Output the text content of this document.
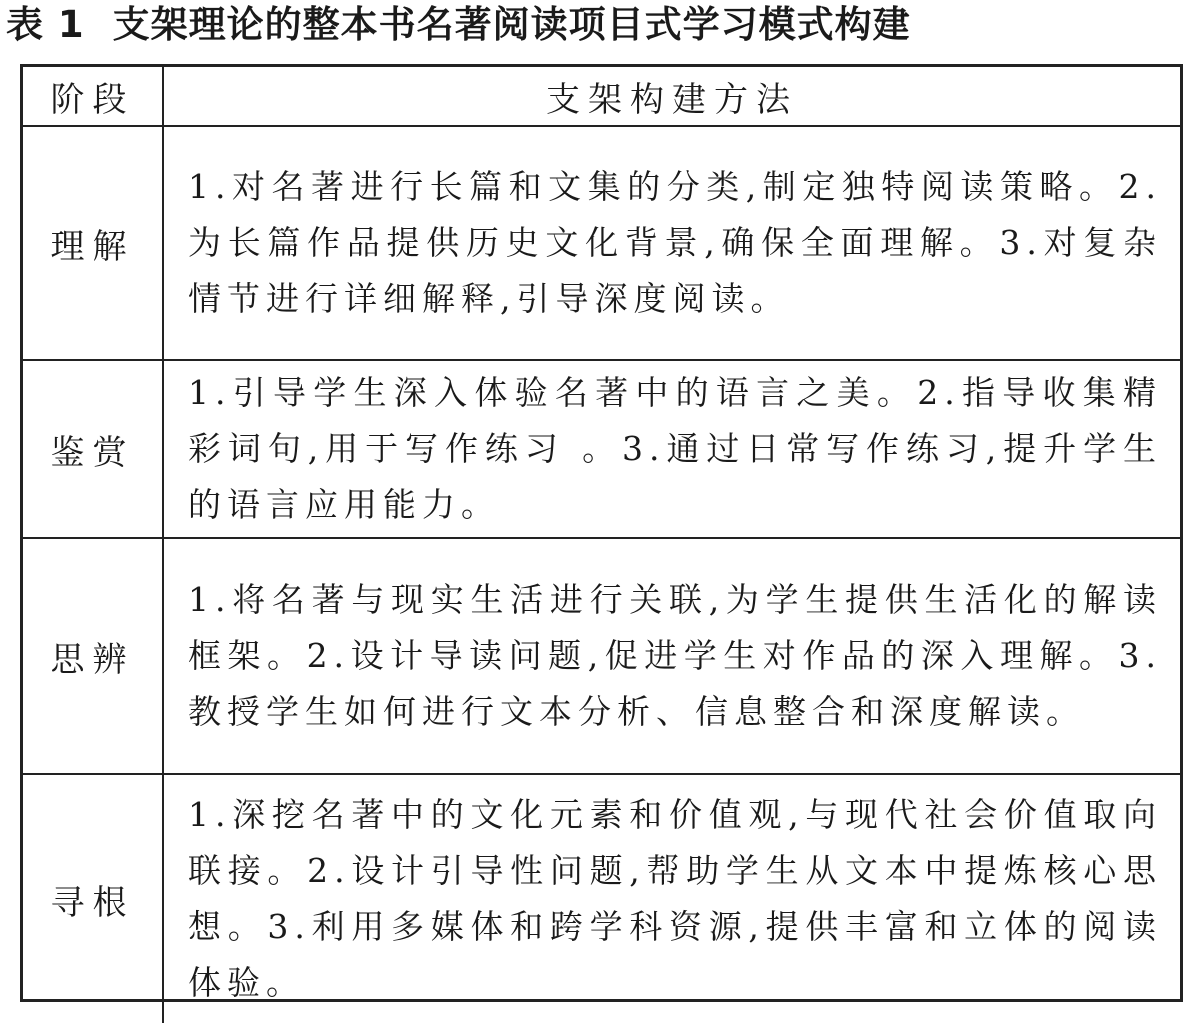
表 1 支架理论的整本书名著阅读项目式学习模式构建
阶段	支架构建方法
理解	1.对名著进行长篇和文集的分类,制定独特阅读策略。2.为长篇作品提供历史文化背景,确保全面理解。3.对复杂情节进行详细解释,引导深度阅读。
鉴赏	1.引导学生深入体验名著中的语言之美。2.指导收集精彩词句,用于写作练习 。3.通过日常写作练习,提升学生的语言应用能力。
思辨	1.将名著与现实生活进行关联,为学生提供生活化的解读框架。2.设计导读问题,促进学生对作品的深入理解。3.教授学生如何进行文本分析、信息整合和深度解读。
寻根	1.深挖名著中的文化元素和价值观,与现代社会价值取向联接。2.设计引导性问题,帮助学生从文本中提炼核心思想。3.利用多媒体和跨学科资源,提供丰富和立体的阅读体验。
